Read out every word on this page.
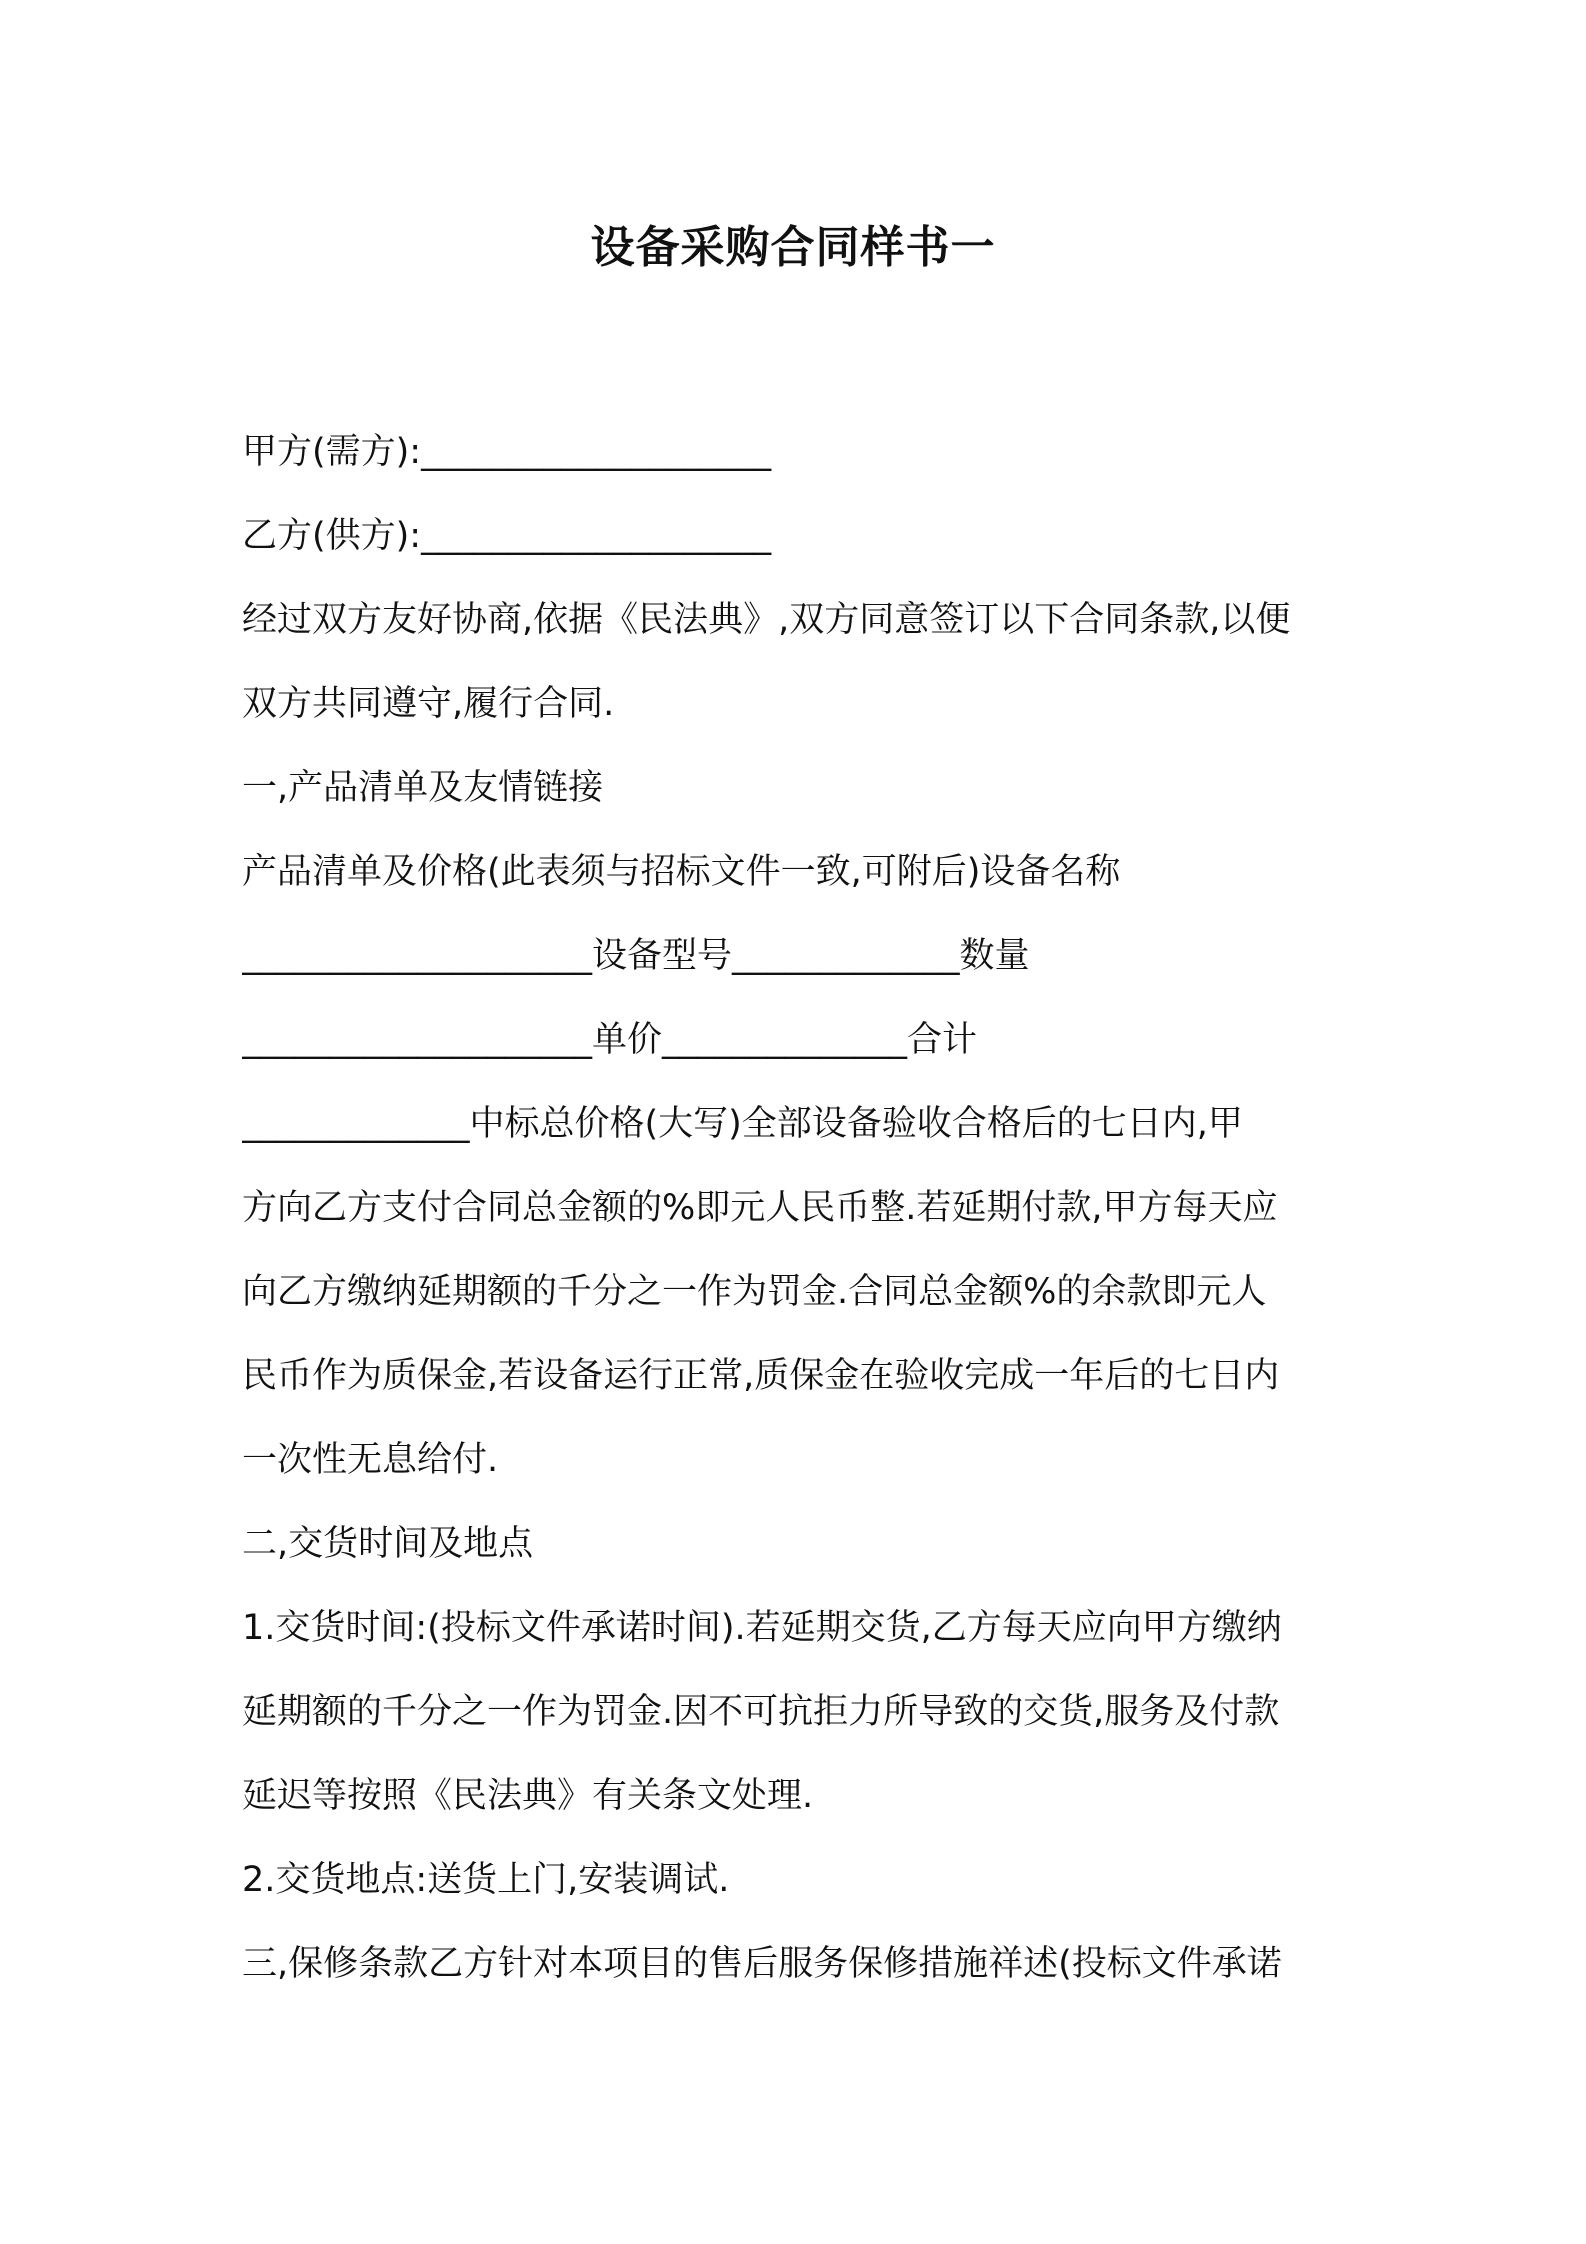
设备采购合同样书一

甲方(需方):____________________

乙方(供方):____________________

经过双方友好协商,依据《民法典》,双方同意签订以下合同条款,以便

双方共同遵守,履行合同.

一,产品清单及友情链接

产品清单及价格(此表须与招标文件一致,可附后)设备名称

____________________设备型号_____________数量

____________________单价______________合计

_____________中标总价格(大写)全部设备验收合格后的七日内,甲

方向乙方支付合同总金额的%即元人民币整.若延期付款,甲方每天应

向乙方缴纳延期额的千分之一作为罚金.合同总金额%的余款即元人

民币作为质保金,若设备运行正常,质保金在验收完成一年后的七日内

一次性无息给付.

二,交货时间及地点

1.交货时间:(投标文件承诺时间).若延期交货,乙方每天应向甲方缴纳

延期额的千分之一作为罚金.因不可抗拒力所导致的交货,服务及付款

延迟等按照《民法典》有关条文处理.

2.交货地点:送货上门,安装调试.

三,保修条款乙方针对本项目的售后服务保修措施祥述(投标文件承诺
